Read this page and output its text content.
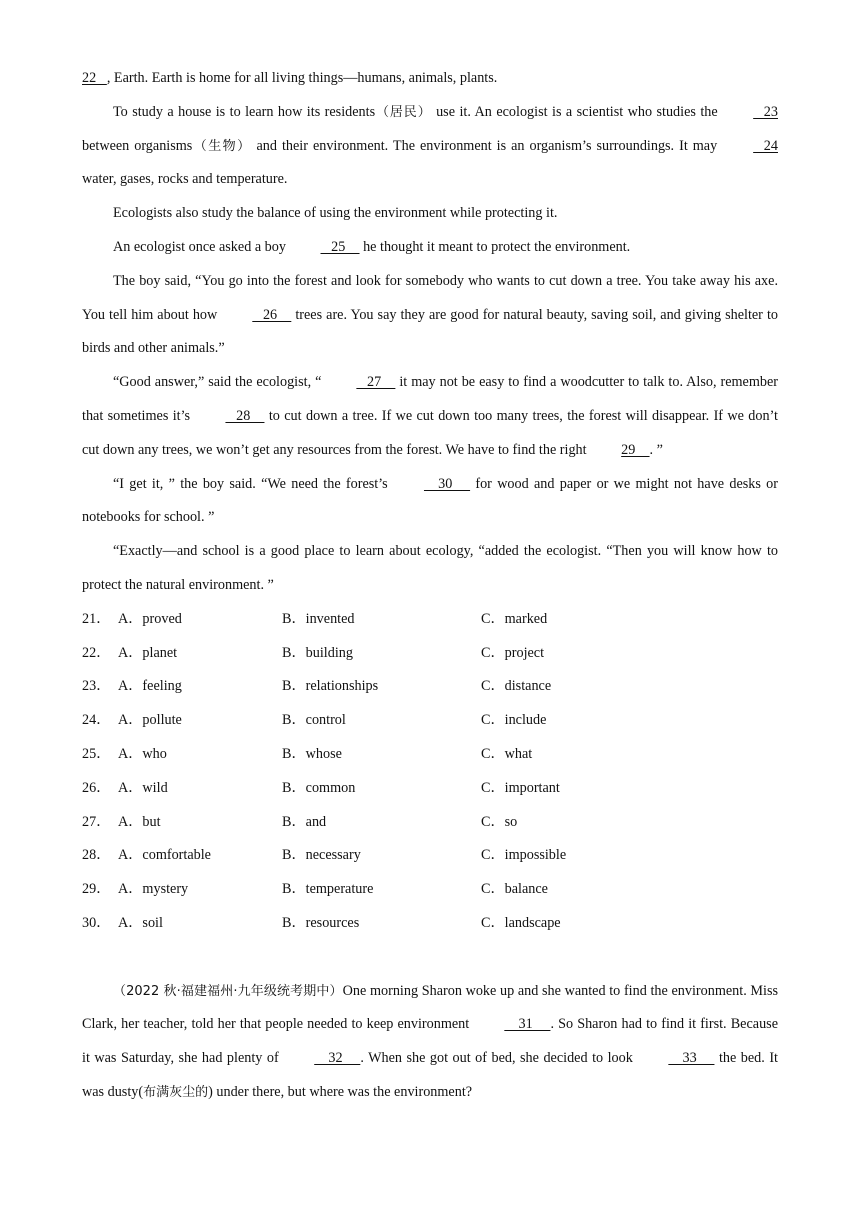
22   , Earth. Earth is home for all living things—humans, animals, plants.

To study a house is to learn how its residents（居民） use it. An ecologist is a scientist who studies the    23 between organisms（生物） and their environment. The environment is an organism’s surroundings. It may    24 water, gases, rocks and temperature.

Ecologists also study the balance of using the environment while protecting it.

An ecologist once asked a boy    25     he thought it meant to protect the environment.

The boy said, “You go into the forest and look for somebody who wants to cut down a tree. You take away his axe. You tell him about how    26     trees are. You say they are good for natural beauty, saving soil, and giving shelter to birds and other animals.”

“Good answer,” said the ecologist, “    27     it may not be easy to find a woodcutter to talk to. Also, remember that sometimes it’s    28     to cut down a tree. If we cut down too many trees, the forest will disappear. If we don’t cut down any trees, we won’t get any resources from the forest. We have to find the right 29    . ”

“I get it, ” the boy said. “We need the forest’s     30      for wood and paper or we might not have desks or notebooks for school. ”

“Exactly—and school is a good place to learn about ecology, “added the ecologist. “Then you will know how to protect the natural environment. ”

21． A．proved	B．invented	C．marked
22． A．planet	B．building	C．project
23． A．feeling	B．relationships	C．distance
24． A．pollute	B．control	C．include
25． A．who	B．whose	C．what
26． A．wild	B．common	C．important
27． A．but	B．and	C．so
28． A．comfortable	B．necessary	C．impossible
29． A．mystery	B．temperature	C．balance
30． A．soil	B．resources	C．landscape

（2022 秋·福建福州·九年级统考期中）One morning Sharon woke up and she wanted to find the environment. Miss Clark, her teacher, told her that people needed to keep environment     31     . So Sharon had to find it first. Because it was Saturday, she had plenty of     32     . When she got out of bed, she decided to look     33      the bed. It was dusty(布满灰尘的) under there, but where was the environment?
